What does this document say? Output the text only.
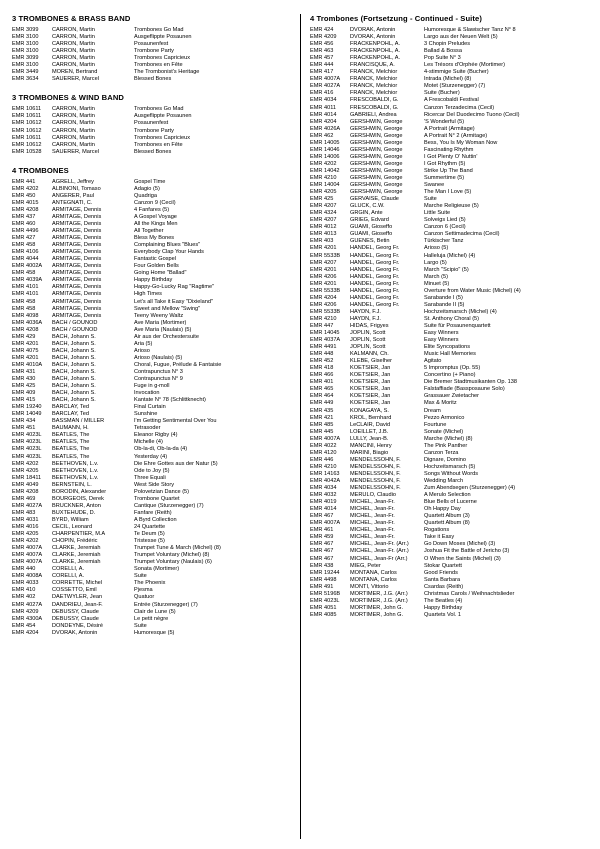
3 TROMBONES & BRASS BAND
EMR 3099	CARRON, Martin	Trombones Go Mad
EMR 3100	CARRON, Martin	Ausgeflippte Posaunen
EMR 3100	CARRON, Martin	Posaunenfest
EMR 3100	CARRON, Martin	Trombone Party
EMR 3099	CARRON, Martin	Trombones Capricieux
EMR 3100	CARRON, Martin	Trombones en Fête
EMR 3449	MOREN, Bertrand	The Trombonist's Heritage
EMR 3634	SAUERER, Marcel	Blessed Bones
3 TROMBONES & WIND BAND
EMR 10611	CARRON, Martin	Trombones Go Mad
EMR 10611	CARRON, Martin	Ausgeflippte Posaunen
EMR 10612	CARRON, Martin	Posaunenfest
EMR 10612	CARRON, Martin	Trombone Party
EMR 10611	CARRON, Martin	Trombones Capricieux
EMR 10612	CARRON, Martin	Trombones en Fête
EMR 10528	SAUERER, Marcel	Blessed Bones
4 TROMBONES
EMR 441	AGRELL, Jeffrey	Gospel Time
EMR 4202	ALBINONI, Tomaso	Adagio (5)
EMR 450	ANGERER, Paul	Quadriga
EMR 4015	ANTEGNATI, C.	Canzon 9 (Cecil)
EMR 4208	ARMITAGE, Dennis	4 Fanfares (5)
EMR 437	ARMITAGE, Dennis	A Gospel Voyage
EMR 460	ARMITAGE, Dennis	All the Kings Men
EMR 4496	ARMITAGE, Dennis	All Together
EMR 427	ARMITAGE, Dennis	Bless My Bones
EMR 458	ARMITAGE, Dennis	Complaining Blues "Blues"
EMR 4106	ARMITAGE, Dennis	Everybody Clap Your Hands
EMR 4044	ARMITAGE, Dennis	Fantastic Gospel
EMR 4002A	ARMITAGE, Dennis	Four Golden Bells
EMR 458	ARMITAGE, Dennis	Going Home "Ballad"
EMR 4039A	ARMITAGE, Dennis	Happy Birthday
EMR 4101	ARMITAGE, Dennis	Happy-Go-Lucky Rag "Ragtime"
EMR 4101	ARMITAGE, Dennis	High Times
EMR 458	ARMITAGE, Dennis	Let's all Take it Easy "Dixieland"
EMR 458	ARMITAGE, Dennis	Sweet and Mellow "Swing"
EMR 4098	ARMITAGE, Dennis	Teeny Weeny Waltz
EMR 4036A	BACH / GOUNOD	Ave Maria (Mortimer)
EMR 4208	BACH / GOUNOD	Ave Maria (Naulais) (5)
EMR 429	BACH, Johann S.	Air aus der Orchestersuite
EMR 4201	BACH, Johann S.	Aria (5)
EMR 4075	BACH, Johann S.	Arioso
EMR 4201	BACH, Johann S.	Arioso (Naulais) (5)
EMR 4010A	BACH, Johann S.	Choral, Fugue, Prélude & Fantaisie
EMR 431	BACH, Johann S.	Contrapunctus N° 3
EMR 430	BACH, Johann S.	Contrapunctus N° 9
EMR 425	BACH, Johann S.	Fuge in g-moll
EMR 409	BACH, Johann S.	Invocation
EMR 415	BACH, Johann S.	Kantate N° 78 (Schlittknecht)
EMR 19240	BARCLAY, Ted	Final Curtain
EMR 14049	BARCLAY, Ted	Sunshine
EMR 434	BASSMAN / MILLER	I'm Getting Sentimental Over You
EMR 451	BAUMANN, H.	Tetrasoder
EMR 4023L	BEATLES, The	Eleanor Rigby (4)
EMR 4023L	BEATLES, The	Michelle (4)
EMR 4023L	BEATLES, The	Ob-la-di, Ob-la-da (4)
EMR 4023L	BEATLES, The	Yesterday (4)
EMR 4202	BEETHOVEN, L.v.	Die Ehre Gottes aus der Natur (5)
EMR 4205	BEETHOVEN, L.v.	Ode to Joy (5)
EMR 18411	BEETHOVEN, L.v.	Three Equali
EMR 4049	BERNSTEIN, L.	West Side Story
EMR 4208	BORODIN, Alexander	Polovetzian Dance (5)
EMR 469	BOURGEOIS, Derek	Trombone Quartet
EMR 4027A	BRUCKNER, Anton	Cantique (Sturzenegger) (7)
EMR 483	BUXTEHUDE, D.	Fanfare (Reith)
EMR 4031	BYRD, William	A Byrd Collection
EMR 4016	CECIL, Leonard	24 Quartette
EMR 4205	CHARPENTIER, M.A	Te Deum (5)
EMR 4202	CHOPIN, Frédéric	Tristesse (5)
EMR 4007A	CLARKE, Jeremiah	Trumpet Tune & March (Michel) (8)
EMR 4007A	CLARKE, Jeremiah	Trumpet Voluntary (Michel) (8)
EMR 4007A	CLARKE, Jeremiah	Trumpet Voluntary (Naulais) (6)
EMR 440	CORELLI, A.	Sonata (Mortimer)
EMR 4008A	CORELLI, A.	Suite
EMR 4033	CORRETTE, Michel	The Phoenix
EMR 410	COSSETTO, Emil	Pjesma
EMR 402	DAETWYLER, Jean	Quatuor
EMR 4027A	DANDRIEU, Jean-F.	Entrée (Sturzenegger) (7)
EMR 4209	DEBUSSY, Claude	Clair de Lune (5)
EMR 4300A	DEBUSSY, Claude	Le petit nègre
EMR 454	DONDEYNE, Désiré	Suite
EMR 4204	DVORAK, Antonin	Humoresque (5)

4 Trombones (Fortsetzung - Continued - Suite)
EMR 424	DVORAK, Antonin	Humoresque & Slawischer Tanz N° 8
EMR 4209	DVORAK, Antonin	Largo aus der Neuen Welt (5)
EMR 456	FRACKENPOHL, A.	3 Chopin Preludes
EMR 463	FRACKENPOHL, A.	Ballad & Bossa
EMR 457	FRACKENPOHL, A.	Pop Suite N° 3
EMR 444	FRANCISQUE, A.	Les Trésors d'Orphée (Mortimer)
EMR 417	FRANCK, Melchior	4-stimmige Suite (Bucher)
EMR 4007A	FRANCK, Melchior	Intrada (Michel) (8)
EMR 4027A	FRANCK, Melchior	Motet (Sturzenegger) (7)
EMR 416	FRANCK, Melchior	Suite (Bucher)
EMR 4034	FRESCOBALDI, G.	A Frescobaldi Festival
EMR 4011	FRESCOBALDI, G.	Canzon Terzadecima (Cecil)
EMR 4014	GABRIELI, Andrea	Ricercar Del Duodecimo Tuono (Cecil)
EMR 4204	GERSHWIN, George	'S Wonderful (5)
EMR 4026A	GERSHWIN, George	A Portrait (Armitage)
EMR 462	GERSHWIN, George	A Portrait N° 2 (Armitage)
EMR 14005	GERSHWIN, George	Bess, You Is My Woman Now
EMR 14046	GERSHWIN, George	Fascinating Rhythm
EMR 14006	GERSHWIN, George	I Got Plenty O' Nuttin'
EMR 4202	GERSHWIN, George	I Got Rhythm (5)
EMR 14042	GERSHWIN, George	Strike Up The Band
EMR 4210	GERSHWIN, George	Summertime (5)
EMR 14004	GERSHWIN, George	Swanee
EMR 4205	GERSHWIN, George	The Man I Love (5)
EMR 425	GERVAISE, Claude	Suite
EMR 4207	GLUCK, C.W.	Marche Religieuse (5)
EMR 4324	GRGIN, Ante	Little Suite
EMR 4207	GRIEG, Edvard	Solveigs Lied (5)
EMR 4012	GUAMI, Gioseffo	Canzon 6 (Cecil)
EMR 4013	GUAMI, Gioseffo	Canzon Settimadecima (Cecil)
EMR 403	GUENES, Betin	Türkischer Tanz
EMR 4201	HÄNDEL, Georg Fr.	Arioso (5)
EMR 5533B	HÄNDEL, Georg Fr.	Halleluja (Michel) (4)
EMR 4207	HÄNDEL, Georg Fr.	Largo (5)
EMR 4201	HÄNDEL, Georg Fr.	March "Scipio" (5)
EMR 4206	HÄNDEL, Georg Fr.	March (5)
EMR 4201	HÄNDEL, Georg Fr.	Minuet (5)
EMR 5533B	HÄNDEL, Georg Fr.	Overture from Water Music (Michel) (4)
EMR 4204	HÄNDEL, Georg Fr.	Sarabande I (5)
EMR 4206	HÄNDEL, Georg Fr.	Sarabande II (5)
EMR 5533B	HAYDN, F.J.	Hochzeitsmarsch (Michel) (4)
EMR 4210	HAYDN, F.J.	St. Anthony Choral (5)
EMR 447	HIDAS, Frigyes	Suite für Posaunenquartett
EMR 14045	JOPLIN, Scott	Easy Winners
EMR 4037A	JOPLIN, Scott	Easy Winners
EMR 4491	JOPLIN, Scott	Elite Syncopations
EMR 448	KALMANN, Ch.	Music Hall Memories
EMR 452	KLEBE, Giselher	Agitato
EMR 418	KOETSIER, Jan	5 Impromptus (Op. 55)
EMR 466	KOETSIER, Jan	Concertino (+ Piano)
EMR 401	KOETSIER, Jan	Die Bremer Stadtmusikanten Op. 138
EMR 465	KOETSIER, Jan	Falstaffiade (Bassposaune Solo)
EMR 464	KOETSIER, Jan	Grassauer Zwietacher
EMR 449	KOETSIER, Jan	Max & Moritz
EMR 435	KONAGAYA, S.	Dream
EMR 421	KROL, Bernhard	Pezzo Armonico
EMR 485	LeCLAIR, David	Fourtune
EMR 445	LOEILLET, J.B.	Sonate (Michel)
EMR 4007A	LULLY, Jean-B.	Marche (Michel) (8)
EMR 4022	MANCINI, Henry	The Pink Panther
EMR 4120	MARINI, Biagio	Canzon Terza
EMR 446	MENDELSSOHN, F.	Dignare, Domino
EMR 4210	MENDELSSOHN, F.	Hochzeitsmarsch (5)
EMR 14163	MENDELSSOHN, F.	Songs Without Words
EMR 4042A	MENDELSSOHN, F.	Wedding March
EMR 4034	MENDELSSOHN, F.	Zum Abendsegen (Sturzenegger) (4)
EMR 4032	MERULO, Claudio	A Merulo Selection
EMR 4019	MICHEL, Jean-Fr.	Blue Bells of Lucerne
EMR 4014	MICHEL, Jean-Fr.	Oh Happy Day
EMR 467	MICHEL, Jean-Fr.	Quartett Album (3)
EMR 4007A	MICHEL, Jean-Fr.	Quartett Album (8)
EMR 461	MICHEL, Jean-Fr.	Rogations
EMR 459	MICHEL, Jean-Fr.	Take it Easy
EMR 467	MICHEL, Jean-Fr. (Arr.)	Go Down Moses (Michel) (3)
EMR 467	MICHEL, Jean-Fr. (Arr.)	Joshua Fit the Battle of Jericho (3)
EMR 467	MICHEL, Jean-Fr (Arr.)	O When the Saints (Michel) (3)
EMR 438	MIEG, Peter	Stokar Quartett
EMR 19244	MONTANA, Carlos	Good Friends
EMR 4498	MONTANA, Carlos	Santa Barbara
EMR 491	MONTI, Vittorio	Csardas (Reith)
EMR 5196B	MORTIMER, J.G. (Arr.)	Christmas Carols / Weihnachtslieder
EMR 4023L	MORTIMER, J.G. (Arr.)	The Beatles (4)
EMR 4051	MORTIMER, John G.	Happy Birthday
EMR 4085	MORTIMER, John G.	Quartets Vol. 1
